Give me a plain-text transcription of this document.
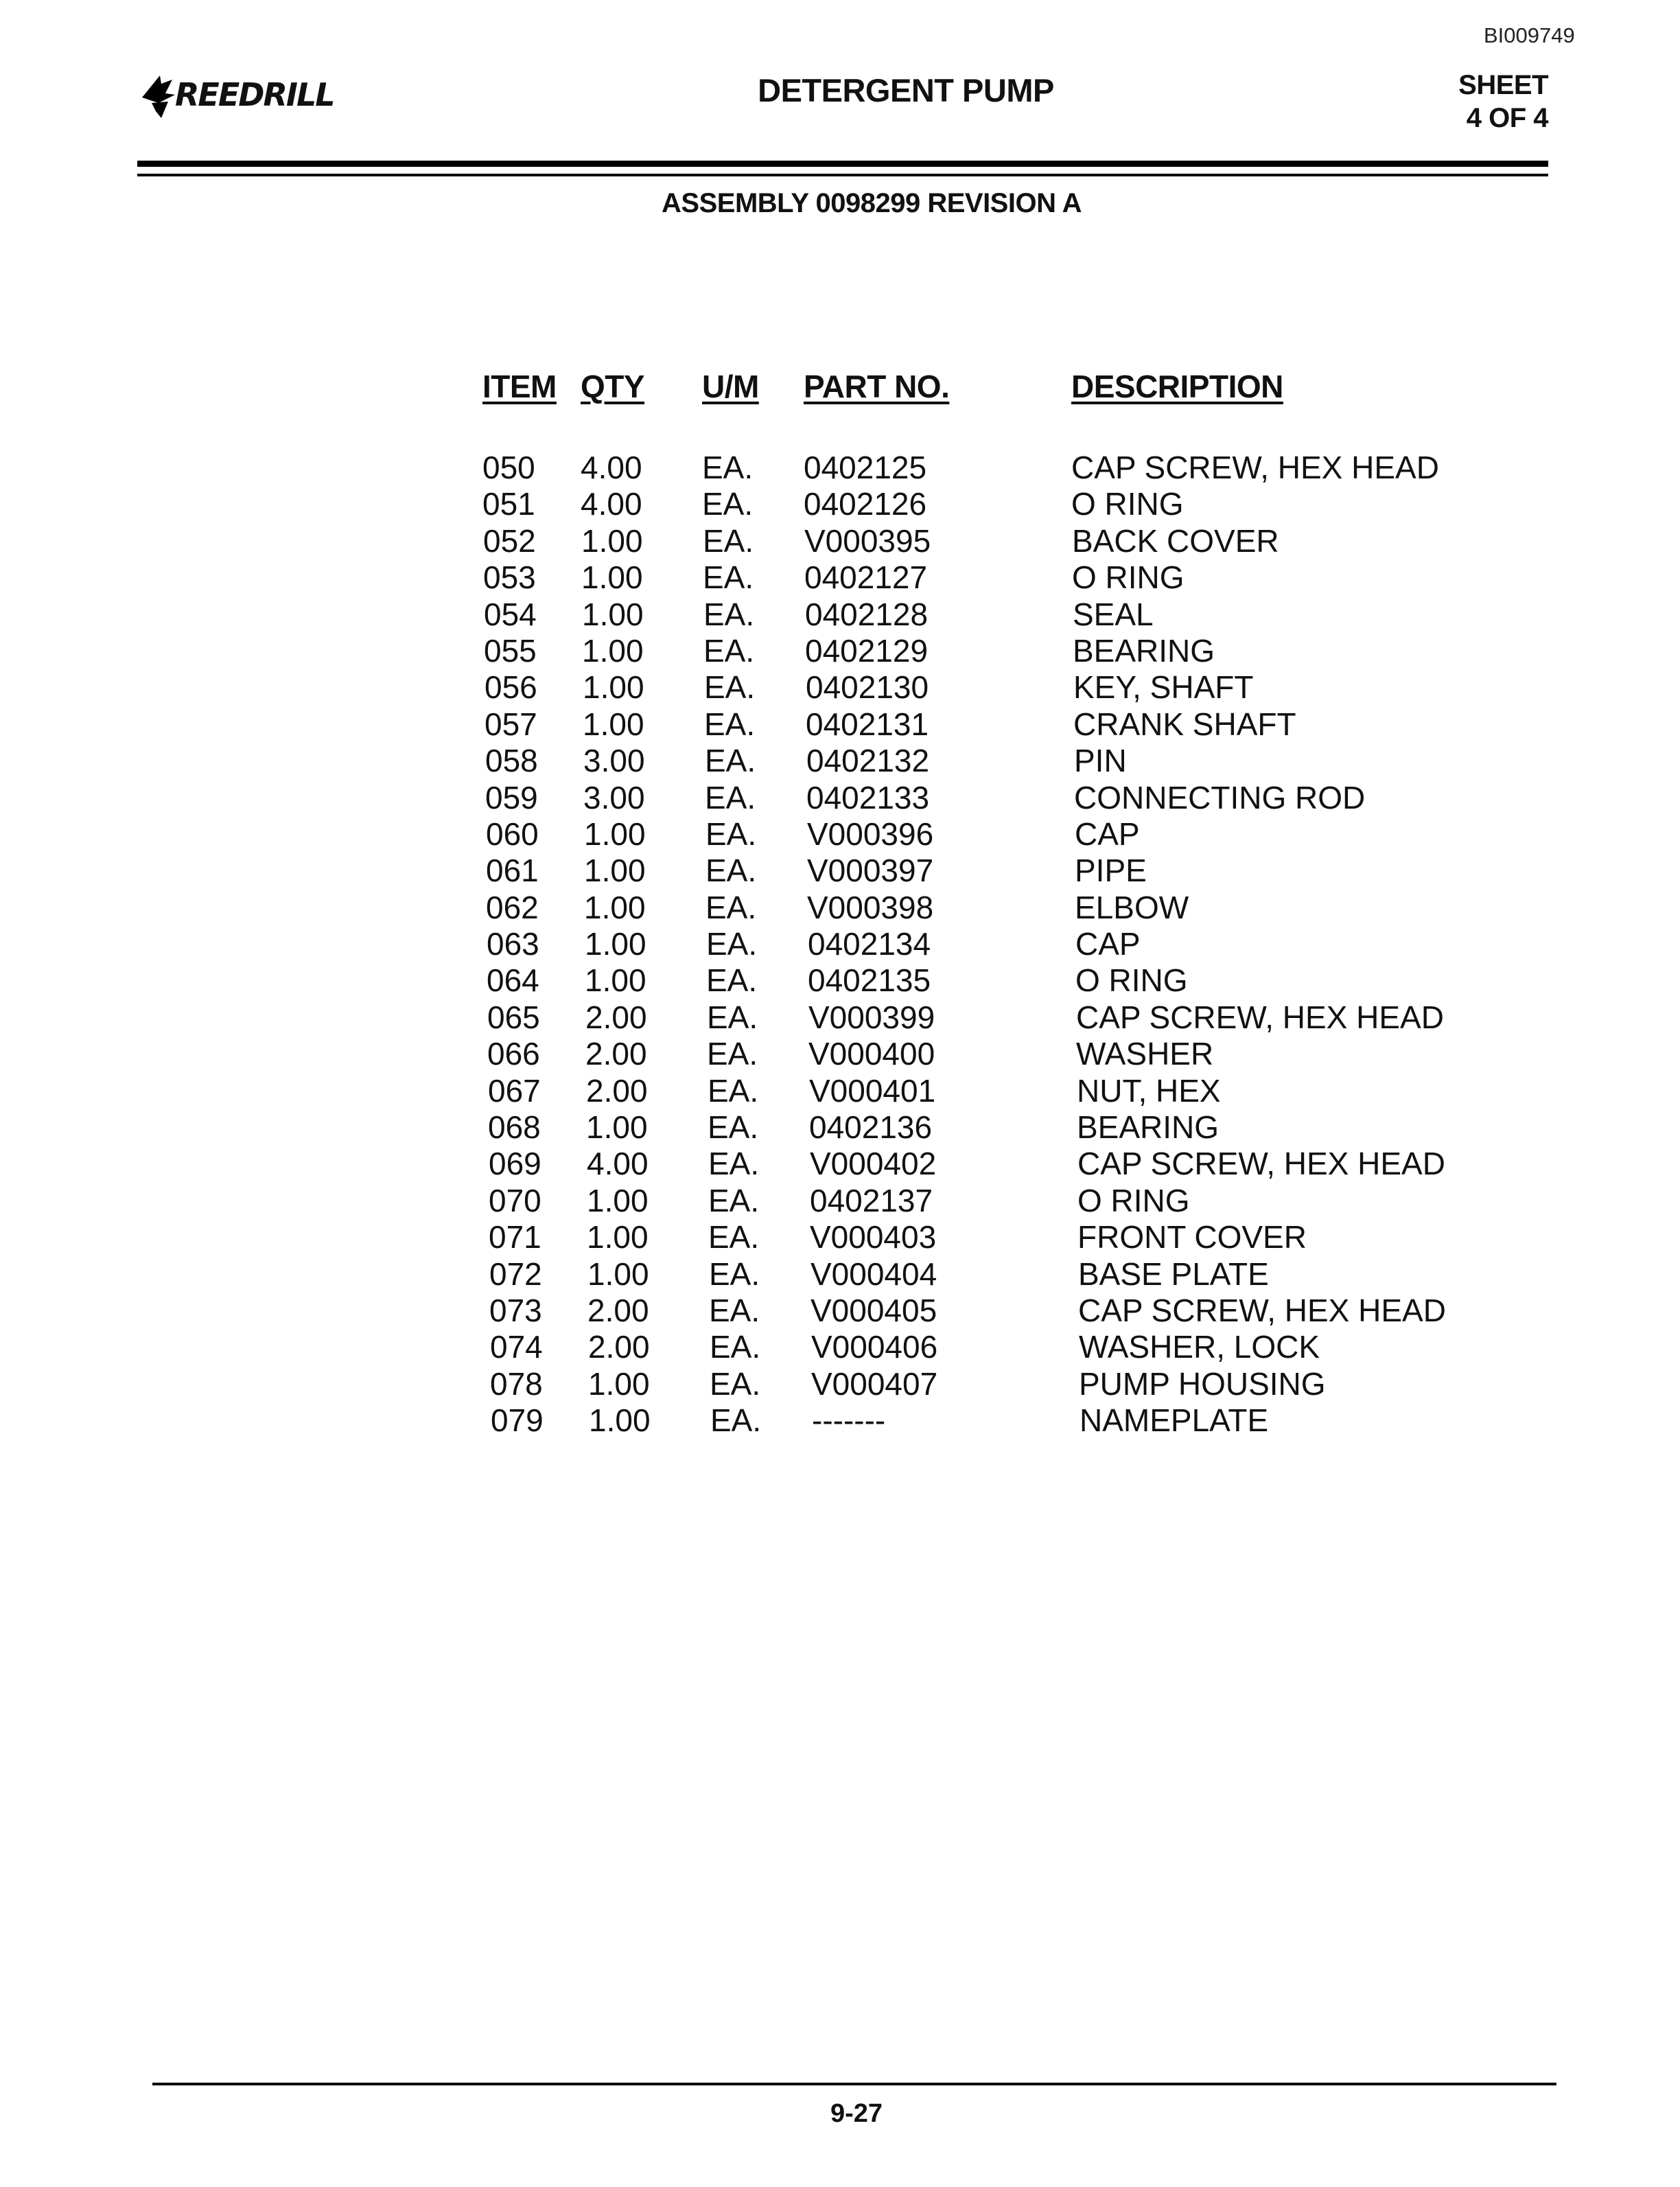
BI009749
REEDRILL	DETERGENT PUMP	SHEET
4 OF 4
ASSEMBLY 0098299 REVISION A
ITEM QTY U/M PART NO.	DESCRIPTION
050 4.00 EA. 0402125	CAP SCREW, HEX HEAD
051 4.00 EA. 0402126	O RING
052 1.00 EA. V000395	BACK COVER
053 1.00 EA. 0402127	O RING
054 1.00 EA. 0402128	SEAL
055 1.00 EA. 0402129	BEARING
056 1.00 EA. 0402130	KEY, SHAFT
057 1.00 EA. 0402131	CRANK SHAFT
058 3.00 EA. 0402132	PIN
059 3.00 EA. 0402133	CONNECTING ROD
060 1.00 EA. V000396	CAP
061 1.00 EA. V000397	PIPE
062 1.00 EA. V000398	ELBOW
063 1.00 EA. 0402134	CAP
064 1.00 EA. 0402135	O RING
065 2.00 EA. V000399	CAP SCREW, HEX HEAD
066 2.00 EA. V000400	WASHER
067 2.00 EA. V000401	NUT, HEX
068 1.00 EA. 0402136	BEARING
069 4.00 EA. V000402	CAP SCREW, HEX HEAD
070 1.00 EA. 0402137	O RING
071 1.00 EA. V000403	FRONT COVER
072 1.00 EA. V000404	BASE PLATE
073 2.00 EA. V000405	CAP SCREW, HEX HEAD
074 2.00 EA. V000406	WASHER, LOCK
078 1.00 EA. V000407	PUMP HOUSING
079 1.00 EA. -------	NAMEPLATE
9-27
